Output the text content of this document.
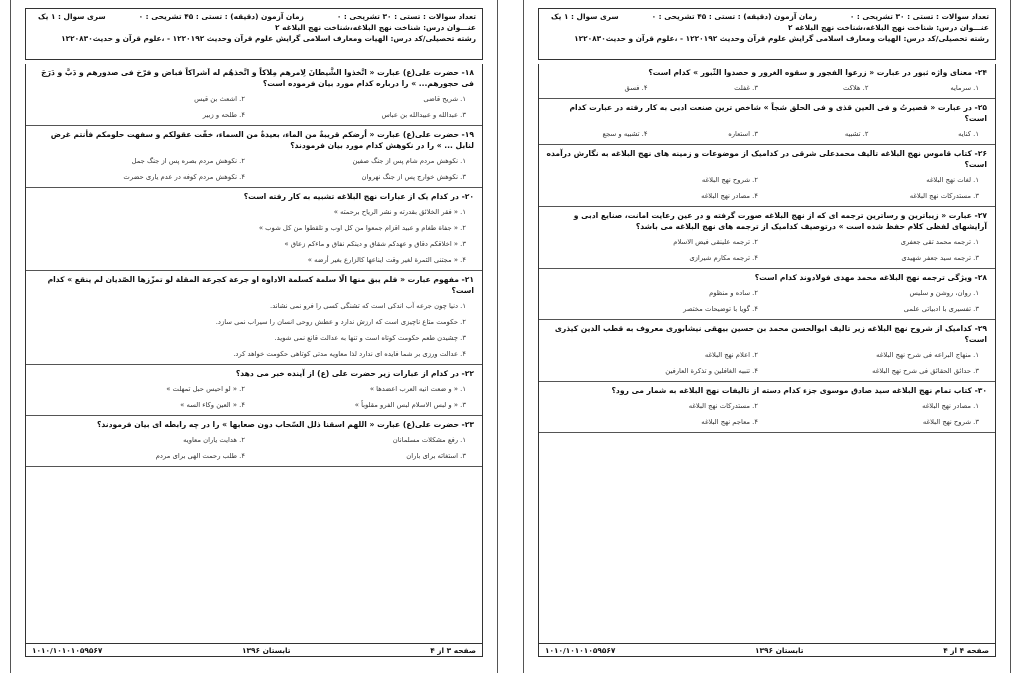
تعداد سوالات : تستی : ۳۰ تشریحی : ۰
زمان آزمون (دقیقه) : تستی : ۴۵ تشریحی : ۰
سری سوال : ۱ یک
عنـــوان درس: شناخت نهج البلاغه،شناخت نهج البلاغه ۲
رشته تحصیلی/کد درس: الهیات ومعارف اسلامی گرایش علوم قرآن وحدیث ۱۲۲۰۱۹۲ - ،علوم قرآن و حدیث۱۲۲۰۸۳۰
۱۸- حضرت علی(ع) عبارت « اتَّخذوا الشَّیطانَ لِامرهم مِلاکاً و اتَّخذهُم له اَشراکاً فباض و فرّخ فی صدورهم و دَبَّ و دَرَجَ فی حجورهم... » را درباره کدام مورد بیان فرموده است؟
۱. شریح قاضی
۲. اشعث بن قیس
۳. عبدالله و عبیدالله بن عباس
۴. طلحه و زبیر
۱۹- حضرت علی(ع) عبارت « اُرضکم قریبةٌ من الماء، بعیدةٌ من السماء، خفّت عقولکم و سفهت حلومکم فأنتم غرض لنابل ... » را در نکوهش کدام مورد بیان فرمودند؟
۱. نکوهش مردم شام پس از جنگ صفین
۲. نکوهش مردم بصره پس از جنگ جمل
۳. نکوهش خوارج پس از جنگ نهروان
۴. نکوهش مردم کوفه در عدم یاری حضرت
۲۰- در کدام یک از عبارات نهج البلاغه تشبیه به کار رفته است؟
۱. « فقر الخلائق بقدرته و نشر الریاح برحمته »
۲. « جفاة طغام و عبید اقزام جمعوا من کل اوب و تلقطوا من کل شوب »
۳. « اخلاقکم دقاق و عهدکم شقاق و دینکم نفاق و ماءکم زعاق »
۴. « مجتنی الثمرة لغیر وقت ایناعها کالزارع بغیر أرضه »
۲۱- مفهوم عبارت « فلم یبق منها الّا سلمة کسلمة الاداوة او جرعة کجرعة المقلة لو تمزّزها الصّدیان لم ینقع » کدام است؟
۱. دنیا چون جرعه آب اندکی است که تشنگی کسی را فرو نمی نشاند.
۲. حکومت متاع ناچیزی است که ارزش ندارد و عطش روحی انسان را سیراب نمی سازد.
۳. چشیدن طعم حکومت کوتاه است و تنها به عدالت قانع نمی شوید.
۴. عدالت ورزی بر شما فایده ای ندارد لذا معاویه مدتی کوتاهی حکومت خواهد کرد.
۲۲- در کدام از عبارات زیر حضرت علی (ع) از آینده خبر می دهد؟
۱. « و ضعت انیه العرب اعضدها »
۲. « لو احیس حبل تمهلت »
۳. « و لبس الاسلام لبس الفرو مقلوباً »
۴. « العین وکاء السه »
۲۳- حضرت علی(ع) عبارت « اللهم اسقنا ذلل السّحاب دون صعابها » را در چه رابطه ای بیان فرمودند؟
۱. رفع مشکلات مسلمانان
۲. هدایت یاران معاویه
۳. استغاثه برای باران
۴. طلب رحمت الهی برای مردم
صفحه ۳ از ۴
تابستان ۱۳۹۶
۱۰۱۰/۱۰۱۰۱۰۵۹۵۶۷
تعداد سوالات : تستی : ۳۰ تشریحی : ۰
زمان آزمون (دقیقه) : تستی : ۴۵ تشریحی : ۰
سری سوال : ۱ یک
عنـــوان درس: شناخت نهج البلاغه،شناخت نهج البلاغه ۲
رشته تحصیلی/کد درس: الهیات ومعارف اسلامی گرایش علوم قرآن وحدیث ۱۲۲۰۱۹۲ - ،علوم قرآن و حدیث۱۲۲۰۸۳۰
۲۴- معنای واژه ثبور در عبارت « زرعوا الفجور و سقوه الغرور و حصدوا الثّبور » کدام است؟
۱. سرمایه
۲. هلاکت
۳. غفلت
۴. فسق
۲۵- در عبارت « قصیرتُ و فی العین قذی و فی الحلق شجاً » شاخص ترین صنعت ادبی به کار رفته در عبارت کدام است؟
۱. کنایه
۲. تشبیه
۳. استعاره
۴. تشبیه و سجع
۲۶- کتاب قاموس نهج البلاغه تالیف محمدعلی شرقی در کدامیک از موضوعات و زمینه های نهج البلاغه به نگارش درآمده است؟
۱. لغات نهج البلاغه
۲. شروح نهج البلاغه
۳. مستدرکات نهج البلاغه
۴. مصادر نهج البلاغه
۲۷- عبارت « زیباترین و رساترین ترجمه ای که از نهج البلاغه صورت گرفته و در عین رعایت امانت، صنایع ادبی و آرایشهای لفظی کلام حفظ شده است » درتوصیف کدامیک از ترجمه های نهج البلاغه می باشد؟
۱. ترجمه محمد تقی جعفری
۲. ترجمه علینقی فیض الاسلام
۳. ترجمه سید جعفر شهیدی
۴. ترجمه مکارم شیرازی
۲۸- ویژگی ترجمه نهج البلاغه محمد مهدی فولادوند کدام است؟
۱. روان، روشن و سلیس
۲. ساده و منظوم
۳. تفسیری با ادبیاتی علمی
۴. گویا با توضیحات مختصر
۲۹- کدامیک از شروح نهج البلاغه زیر تالیف ابوالحسن محمد بن حسین بیهقی نیشابوری معروف به قطب الدین کیذری است؟
۱. منهاج البراعه فی شرح نهج البلاغه
۲. اعلام نهج البلاغه
۳. حدائق الحقائق فی شرح نهج البلاغه
۴. تنبیه الغافلین و تذکرة العارفین
۳۰- کتاب تمام نهج البلاغه سید صادق موسوی جزء کدام دسته از تالیفات نهج البلاغه به شمار می رود؟
۱. مصادر نهج البلاغه
۲. مستدرکات نهج البلاغه
۳. شروح نهج البلاغه
۴. معاجم نهج البلاغه
صفحه ۴ از ۴
تابستان ۱۳۹۶
۱۰۱۰/۱۰۱۰۱۰۵۹۵۶۷
